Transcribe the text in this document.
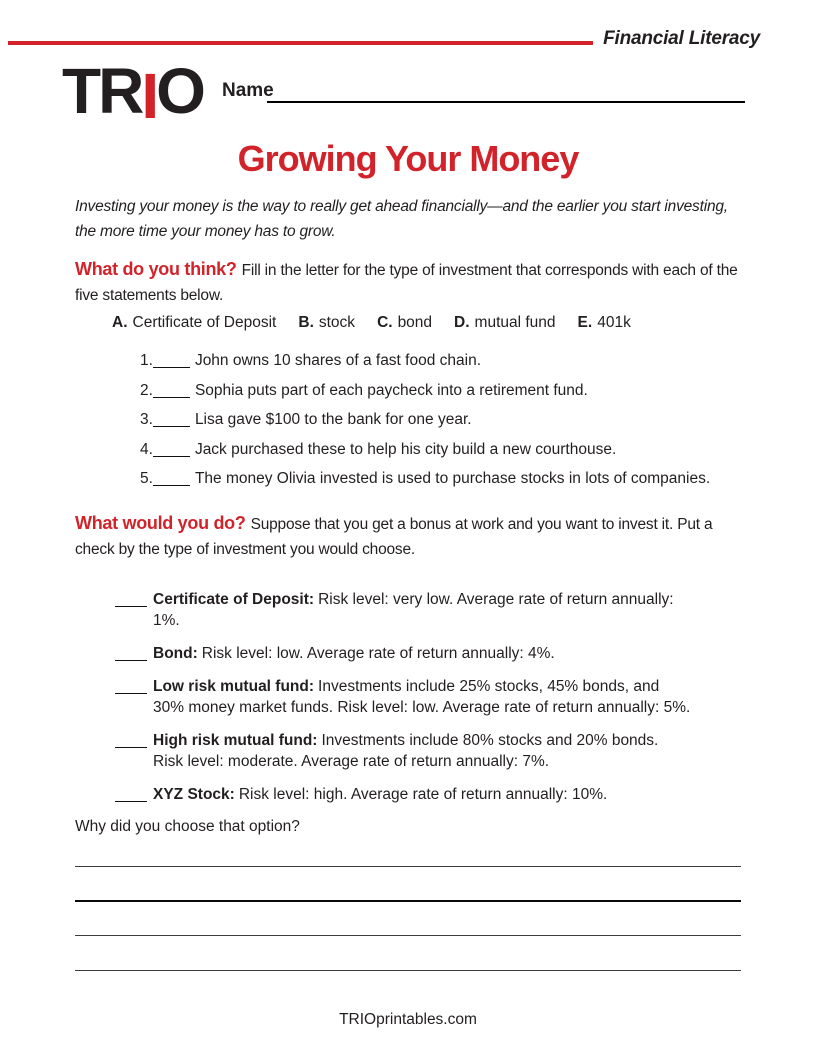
Financial Literacy
TRIO Name
Growing Your Money
Investing your money is the way to really get ahead financially—and the earlier you start investing, the more time your money has to grow.
What do you think? Fill in the letter for the type of investment that corresponds with each of the five statements below.
A. Certificate of Deposit B. stock C. bond D. mutual fund E. 401k
1.	John owns 10 shares of a fast food chain.
2.	Sophia puts part of each paycheck into a retirement fund.
3.	Lisa gave $100 to the bank for one year.
4.	Jack purchased these to help his city build a new courthouse.
5.	The money Olivia invested is used to purchase stocks in lots of companies.
What would you do? Suppose that you get a bonus at work and you want to invest it. Put a check by the type of investment you would choose.
Certificate of Deposit: Risk level: very low. Average rate of return annually: 1%.
Bond: Risk level: low. Average rate of return annually: 4%.
Low risk mutual fund: Investments include 25% stocks, 45% bonds, and
30% money market funds. Risk level: low. Average rate of return annually: 5%.
High risk mutual fund: Investments include 80% stocks and 20% bonds.
Risk level: moderate. Average rate of return annually: 7%.
XYZ Stock: Risk level: high. Average rate of return annually: 10%.
Why did you choose that option?
TRIOprintables.com
